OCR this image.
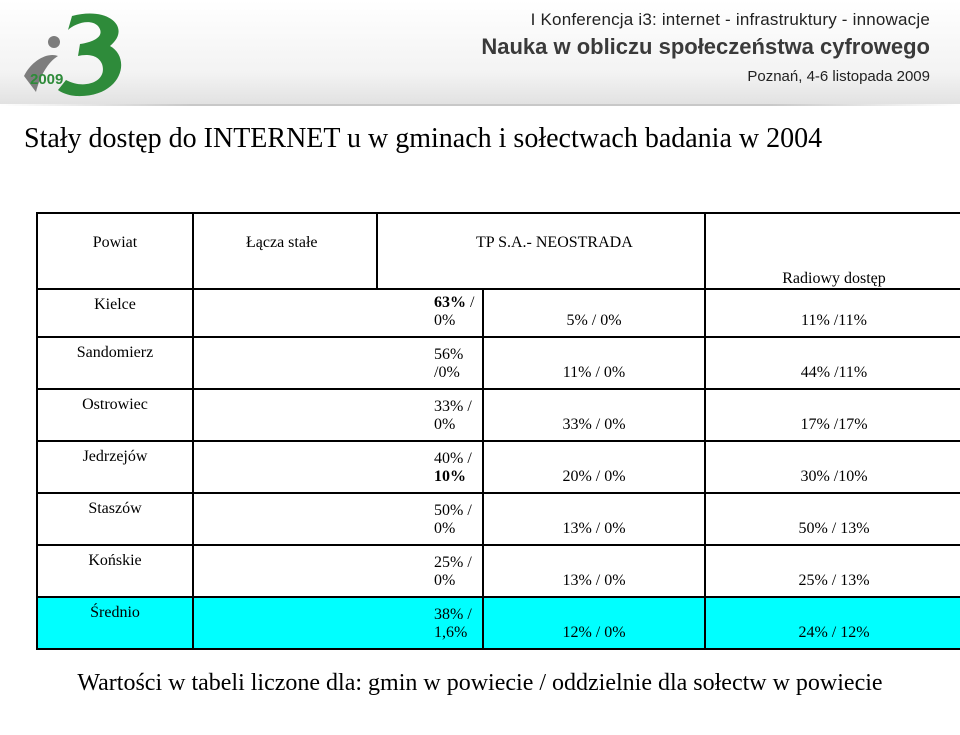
2009
I Konferencja i3: internet - infrastruktury - innowacje
Nauka w obliczu społeczeństwa cyfrowego
Poznań, 4-6 listopada 2009
Stały dostęp do INTERNET u w gminach i sołectwach badania w 2004
Powiat	Łącza stałe	TP S.A.- NEOSTRADA		Radiowy dostęp
Kielce	63% / 0%		5% / 0%	11% /11%
Sandomierz	56% /0%		11% / 0%	44% /11%
Ostrowiec	33% / 0%		33% / 0%	17% /17%
Jedrzejów	40% / 10%		20% / 0%	30% /10%
Staszów	50% / 0%		13% / 0%	50% / 13%
Końskie	25% / 0%		13% / 0%	25% / 13%
Średnio	38% / 1,6%		12% / 0%	24% / 12%
Wartości w tabeli liczone dla: gmin w powiecie / oddzielnie dla sołectw w powiecie
